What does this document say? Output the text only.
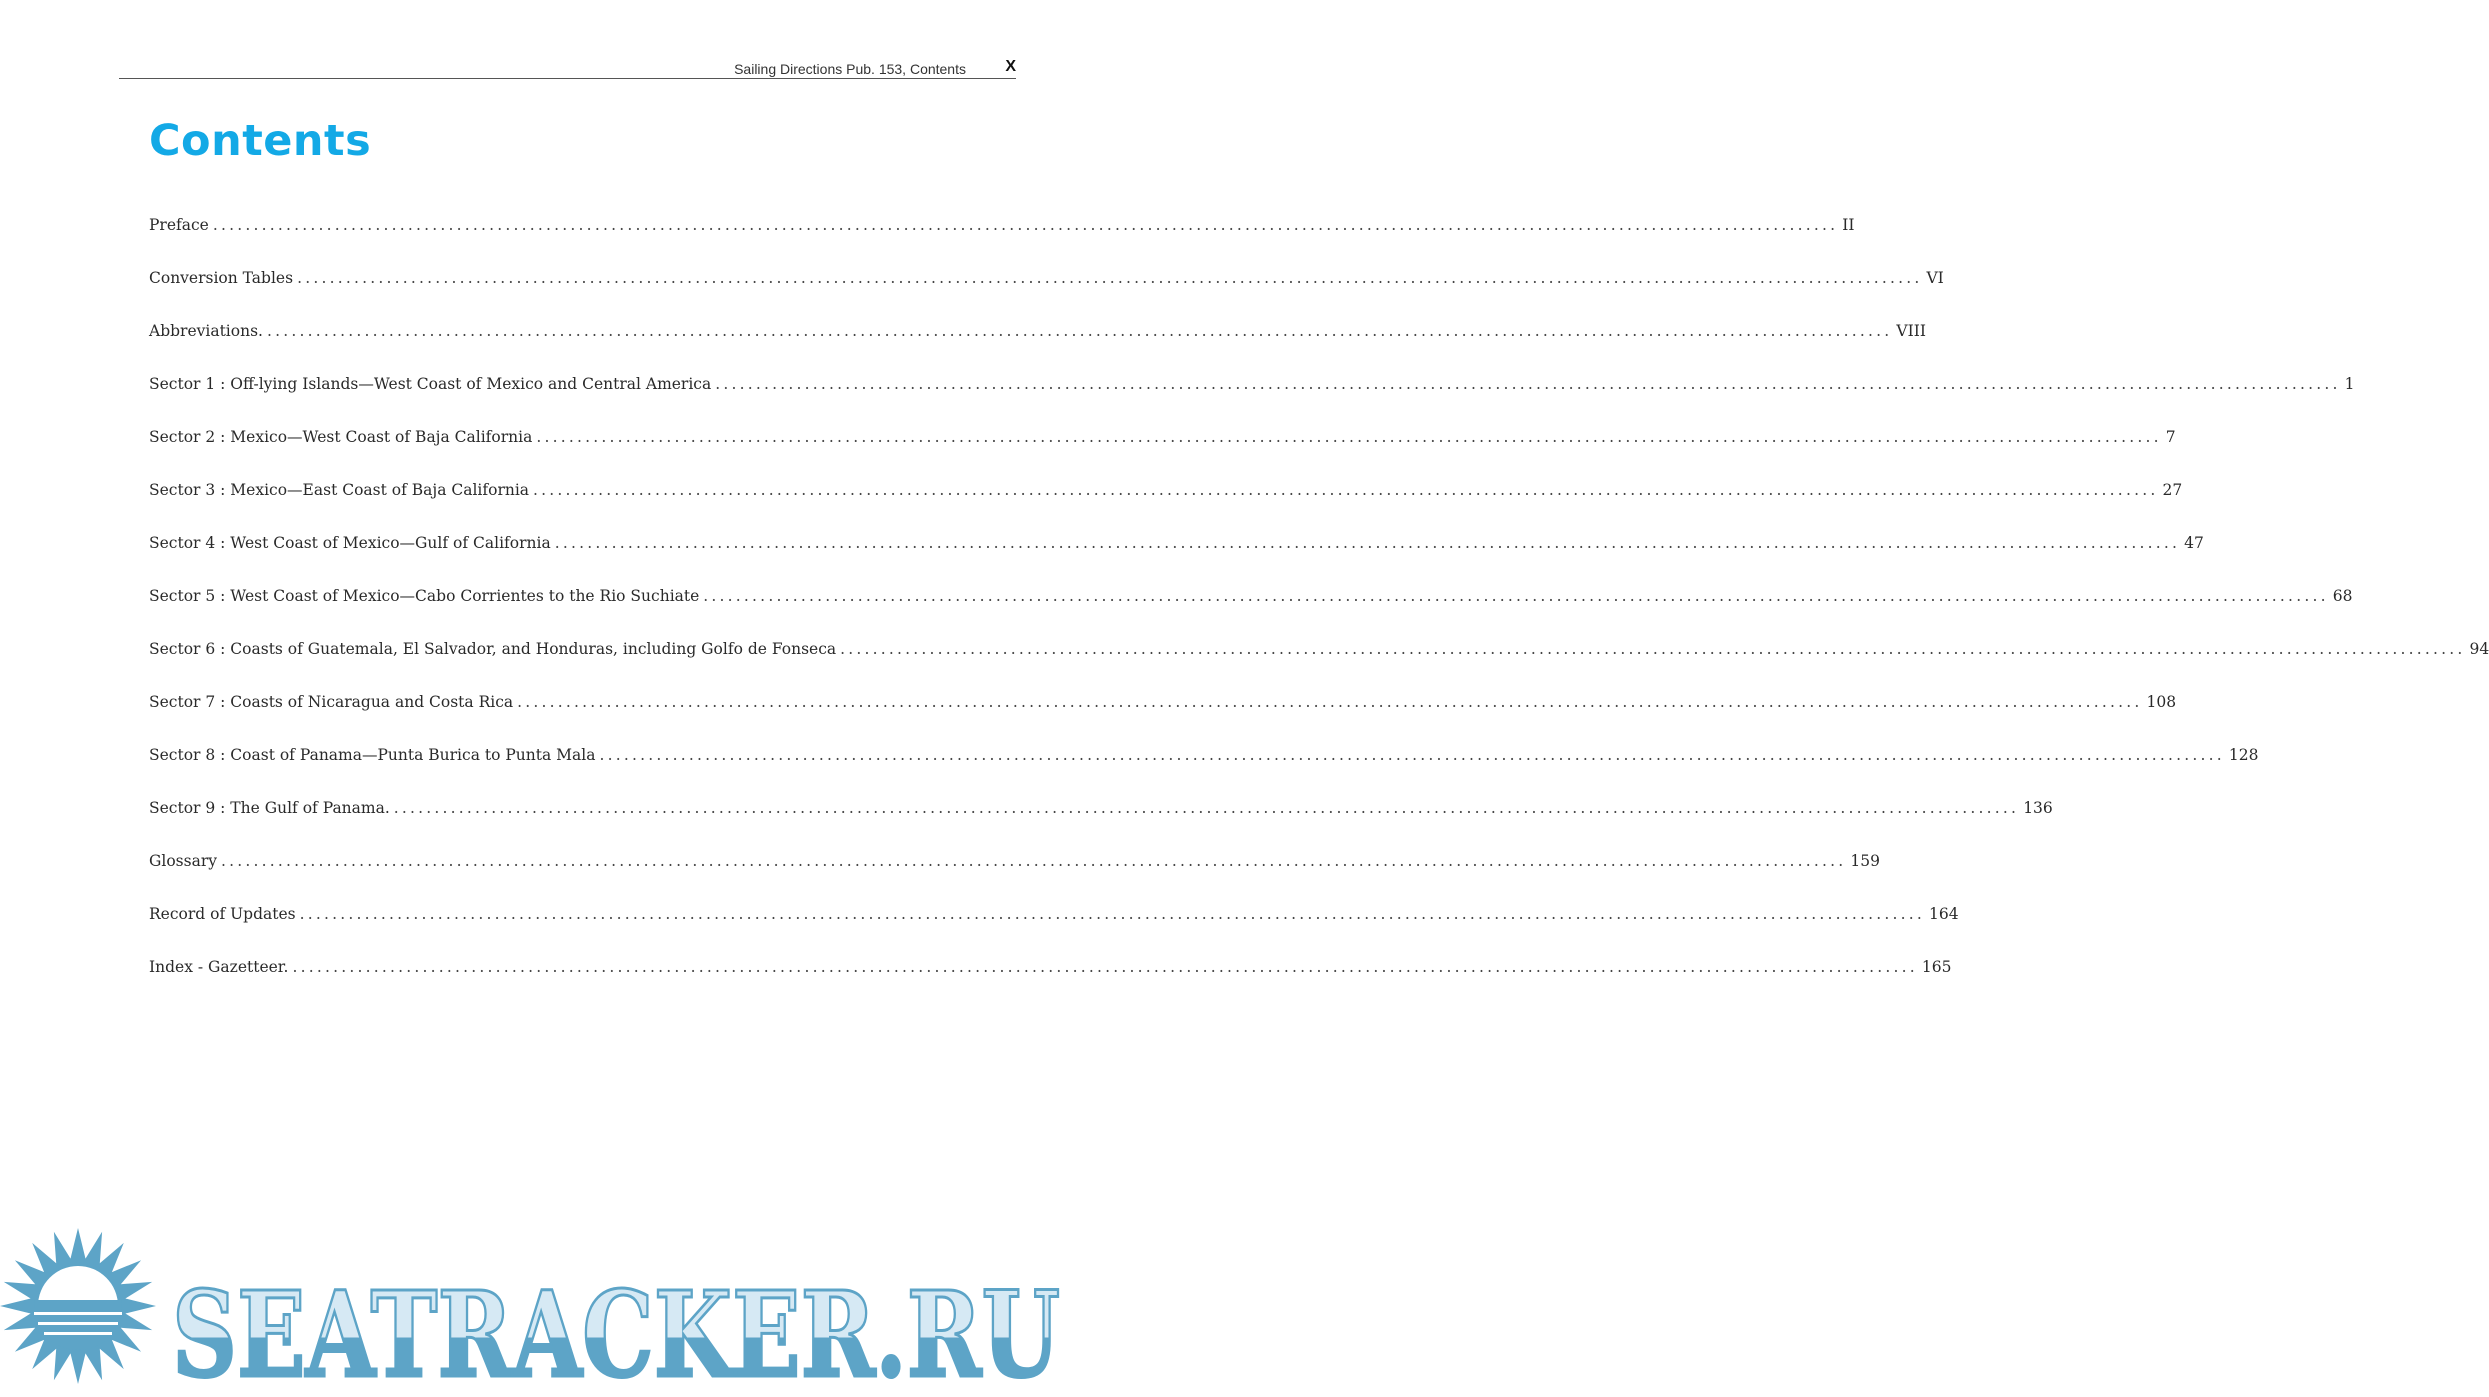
Sailing Directions Pub. 153, Contents X
Contents
Preface ........................................................................................................................................................................................................ II
Conversion Tables ........................................................................................................................................................................................................ VI
Abbreviations. ........................................................................................................................................................................................................ VIII
Sector 1 : Off-lying Islands—West Coast of Mexico and Central America ........................................................................................................................................................................................................ 1
Sector 2 : Mexico—West Coast of Baja California ........................................................................................................................................................................................................ 7
Sector 3 : Mexico—East Coast of Baja California ........................................................................................................................................................................................................ 27
Sector 4 : West Coast of Mexico—Gulf of California ........................................................................................................................................................................................................ 47
Sector 5 : West Coast of Mexico—Cabo Corrientes to the Rio Suchiate ........................................................................................................................................................................................................ 68
Sector 6 : Coasts of Guatemala, El Salvador, and Honduras, including Golfo de Fonseca ........................................................................................................................................................................................................ 94
Sector 7 : Coasts of Nicaragua and Costa Rica ........................................................................................................................................................................................................ 108
Sector 8 : Coast of Panama—Punta Burica to Punta Mala ........................................................................................................................................................................................................ 128
Sector 9 : The Gulf of Panama. ........................................................................................................................................................................................................ 136
Glossary ........................................................................................................................................................................................................ 159
Record of Updates ........................................................................................................................................................................................................ 164
Index - Gazetteer. ........................................................................................................................................................................................................ 165
SEATRACKER.RU
